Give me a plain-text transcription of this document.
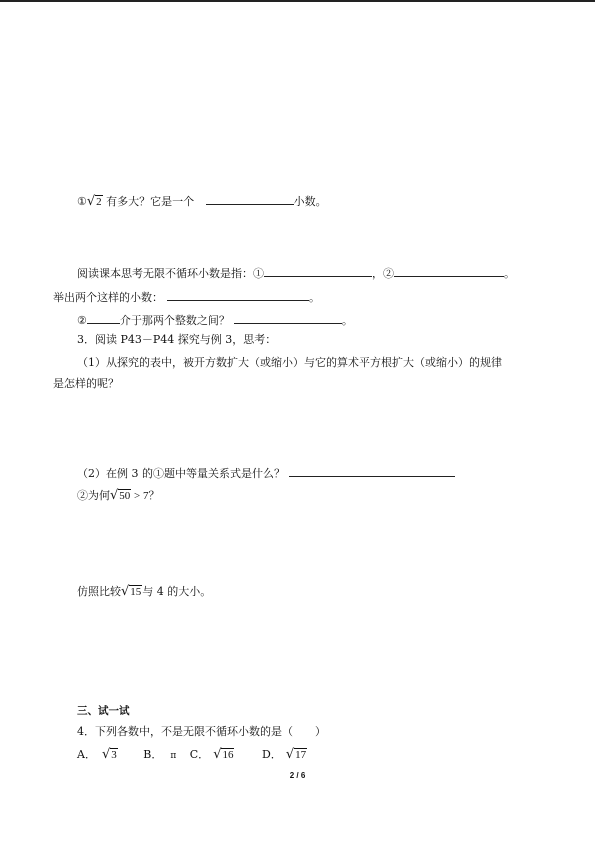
①√2 有多大？它是一个	小数。
阅读课本思考无限不循环小数是指：①	，②	。
举出两个这样的小数：	。
②	介于那两个整数之间？	。
3．阅读 P43－P44 探究与例 3，思考：
（1）从探究的表中，被开方数扩大（或缩小）与它的算术平方根扩大（或缩小）的规律
是怎样的呢？
（2）在例 3 的①题中等量关系式是什么？
②为何√50 > 7？
仿照比较√15与 4 的大小。
三、试一试
4．下列各数中，不是无限不循环小数的是（　　）
A． √3 B． π C． √16	D． √17
2 / 6
